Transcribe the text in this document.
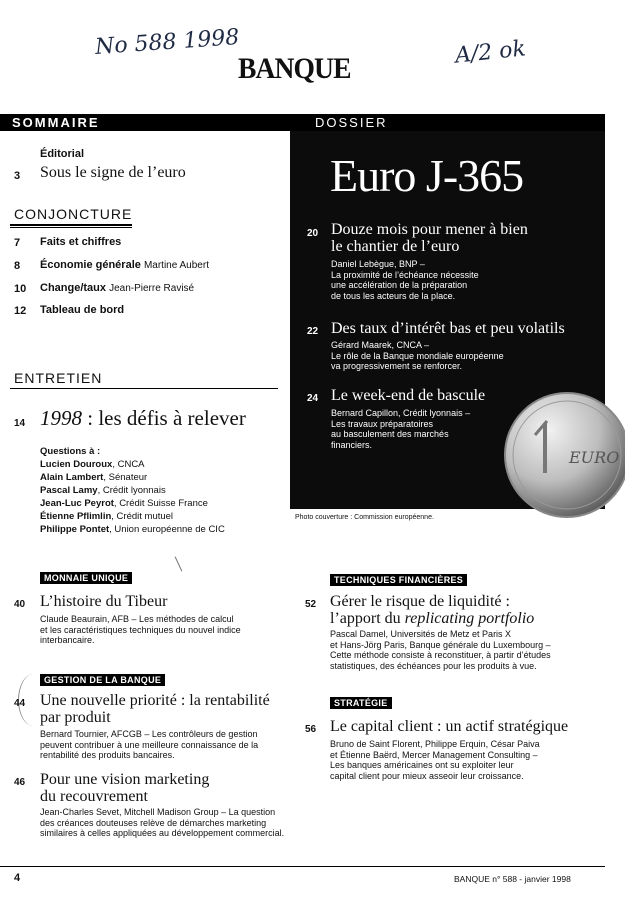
No 588 1998	A/2 ok
BANQUE
SOMMAIRE	DOSSIER
Éditorial
3 Sous le signe de l’euro
CONJONCTURE
7 Faits et chiffres
8 Économie générale Martine Aubert
10 Change/taux Jean-Pierre Ravisé
12 Tableau de bord
ENTRETIEN
14 1998 : les défis à relever
Questions à :
Lucien Douroux, CNCA
Alain Lambert, Sénateur
Pascal Lamy, Crédit lyonnais
Jean-Luc Peyrot, Crédit Suisse France
Étienne Pflimlin, Crédit mutuel
Philippe Pontet, Union européenne de CIC
Euro J-365
20 Douze mois pour mener à bien
le chantier de l’euro
Daniel Lebègue, BNP –
La proximité de l’échéance nécessite
une accélération de la préparation
de tous les acteurs de la place.
22 Des taux d’intérêt bas et peu volatils
Gérard Maarek, CNCA –
Le rôle de la Banque mondiale européenne
va progressivement se renforcer.
24 Le week-end de bascule
Bernard Capillon, Crédit lyonnais –
Les travaux préparatoires
au basculement des marchés
financiers.
EURO
Photo couverture : Commission européenne.
MONNAIE UNIQUE
40 L’histoire du Tibeur
Claude Beaurain, AFB – Les méthodes de calcul
et les caractéristiques techniques du nouvel indice
interbancaire.
GESTION DE LA BANQUE
44 Une nouvelle priorité : la rentabilité
par produit
Bernard Tournier, AFCGB – Les contrôleurs de gestion
peuvent contribuer à une meilleure connaissance de la
rentabilité des produits bancaires.
46 Pour une vision marketing
du recouvrement
Jean-Charles Sevet, Mitchell Madison Group – La question
des créances douteuses relève de démarches marketing
similaires à celles appliquées au développement commercial.
TECHNIQUES FINANCIÈRES
52 Gérer le risque de liquidité :
l’apport du replicating portfolio
Pascal Damel, Universités de Metz et Paris X
et Hans-Jörg Paris, Banque générale du Luxembourg –
Cette méthode consiste à reconstituer, à partir d’études
statistiques, des échéances pour les produits à vue.
STRATÉGIE
56 Le capital client : un actif stratégique
Bruno de Saint Florent, Philippe Erquin, César Paiva
et Étienne Baërd, Mercer Management Consulting –
Les banques américaines ont su exploiter leur
capital client pour mieux asseoir leur croissance.
4	BANQUE n° 588 - janvier 1998
